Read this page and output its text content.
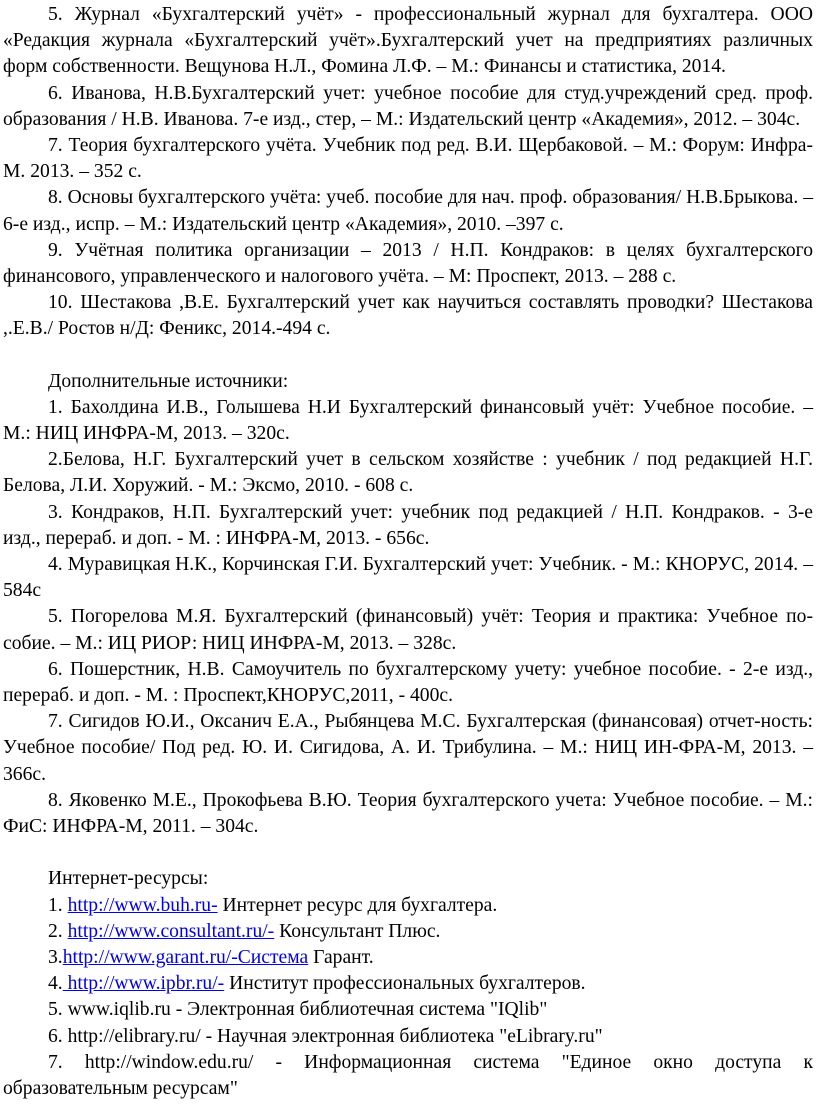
5. Журнал «Бухгалтерский учёт» - профессиональный журнал для бухгалтера. ООО «Редакция журнала «Бухгалтерский учёт».Бухгалтерский учет на предприятиях различных форм собственности. Вещунова Н.Л., Фомина Л.Ф. – М.: Финансы и статистика, 2014.

6. Иванова, Н.В.Бухгалтерский учет: учебное пособие для студ.учреждений сред. проф. образования / Н.В. Иванова. 7-е изд., стер, – М.: Издательский центр «Академия», 2012. – 304с.

7. Теория бухгалтерского учёта. Учебник под ред. В.И. Щербаковой. – М.: Форум: Инфра-М. 2013. – 352 с.

8. Основы бухгалтерского учёта: учеб. пособие для нач. проф. образования/ Н.В.Брыкова. – 6-е изд., испр. – М.: Издательский центр «Академия», 2010. –397 с.

9. Учётная политика организации – 2013 / Н.П. Кондраков: в целях бухгалтерского финансового, управленческого и налогового учёта. – М: Проспект, 2013. – 288 с.

10. Шестакова ,В.Е. Бухгалтерский учет как научиться составлять проводки? Шестакова ,.Е.В./ Ростов н/Д: Феникс, 2014.-494 с.

Дополнительные источники:

1. Бахолдина И.В., Голышева Н.И Бухгалтерский финансовый учёт: Учебное пособие. – М.: НИЦ ИНФРА-М, 2013. – 320с.

2.Белова, Н.Г. Бухгалтерский учет в сельском хозяйстве : учебник / под редакцией Н.Г. Белова, Л.И. Хоружий. - М.: Эксмо, 2010. - 608 с.

3. Кондраков, Н.П. Бухгалтерский учет: учебник под редакцией / Н.П. Кондраков. - 3-е изд., перераб. и доп. - М. : ИНФРА-М, 2013. - 656с.

4. Муравицкая Н.К., Корчинская Г.И. Бухгалтерский учет: Учебник. - М.: КНОРУС, 2014. – 584с

5. Погорелова М.Я. Бухгалтерский (финансовый) учёт: Теория и практика: Учебное по-собие. – М.: ИЦ РИОР: НИЦ ИНФРА-М, 2013. – 328с.

6. Пошерстник, Н.В. Самоучитель по бухгалтерскому учету: учебное пособие. - 2-е изд., перераб. и доп. - М. : Проспект,КНОРУС,2011, - 400с.

7. Сигидов Ю.И., Оксанич Е.А., Рыбянцева М.С. Бухгалтерская (финансовая) отчет-ность: Учебное пособие/ Под ред. Ю. И. Сигидова, А. И. Трибулина. – М.: НИЦ ИН-ФРА-М, 2013. – 366с.

8. Яковенко М.Е., Прокофьева В.Ю. Теория бухгалтерского учета: Учебное пособие. – М.: ФиС: ИНФРА-М, 2011. – 304с.

Интернет-ресурсы:

1. http://www.buh.ru- Интернет ресурс для бухгалтера.

2. http://www.consultant.ru/- Консультант Плюс.

3.http://www.garant.ru/-Система Гарант.

4. http://www.ipbr.ru/- Институт профессиональных бухгалтеров.

5. www.iqlib.ru - Электронная библиотечная система "IQlib"

6. http://elibrary.ru/ - Научная электронная библиотека "eLibrary.ru"

7. http://window.edu.ru/ - Информационная система "Единое окно доступа к образовательным ресурсам"
